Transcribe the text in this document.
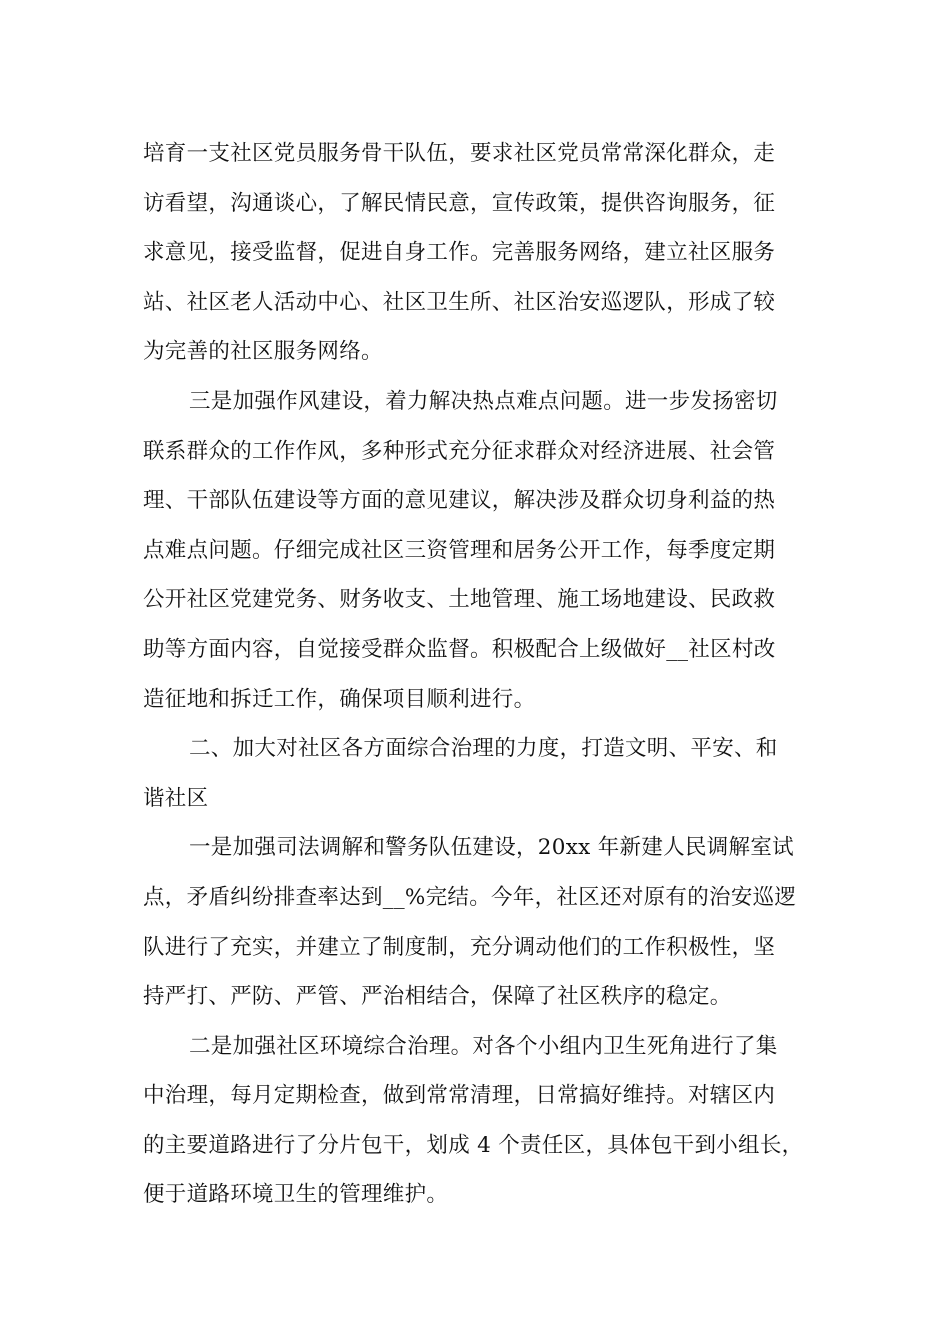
培育一支社区党员服务骨干队伍，要求社区党员常常深化群众，走
访看望，沟通谈心，了解民情民意，宣传政策，提供咨询服务，征
求意见，接受监督，促进自身工作。完善服务网络，建立社区服务
站、社区老人活动中心、社区卫生所、社区治安巡逻队，形成了较
为完善的社区服务网络。
三是加强作风建设，着力解决热点难点问题。进一步发扬密切
联系群众的工作作风，多种形式充分征求群众对经济进展、社会管
理、干部队伍建设等方面的意见建议，解决涉及群众切身利益的热
点难点问题。仔细完成社区三资管理和居务公开工作，每季度定期
公开社区党建党务、财务收支、土地管理、施工场地建设、民政救
助等方面内容，自觉接受群众监督。积极配合上级做好__社区村改
造征地和拆迁工作，确保项目顺利进行。
二、加大对社区各方面综合治理的力度，打造文明、平安、和
谐社区
一是加强司法调解和警务队伍建设，20xx 年新建人民调解室试
点，矛盾纠纷排查率达到__%完结。今年，社区还对原有的治安巡逻
队进行了充实，并建立了制度制，充分调动他们的工作积极性，坚
持严打、严防、严管、严治相结合，保障了社区秩序的稳定。
二是加强社区环境综合治理。对各个小组内卫生死角进行了集
中治理，每月定期检查，做到常常清理，日常搞好维持。对辖区内
的主要道路进行了分片包干，划成 4 个责任区，具体包干到小组长，
便于道路环境卫生的管理维护。
